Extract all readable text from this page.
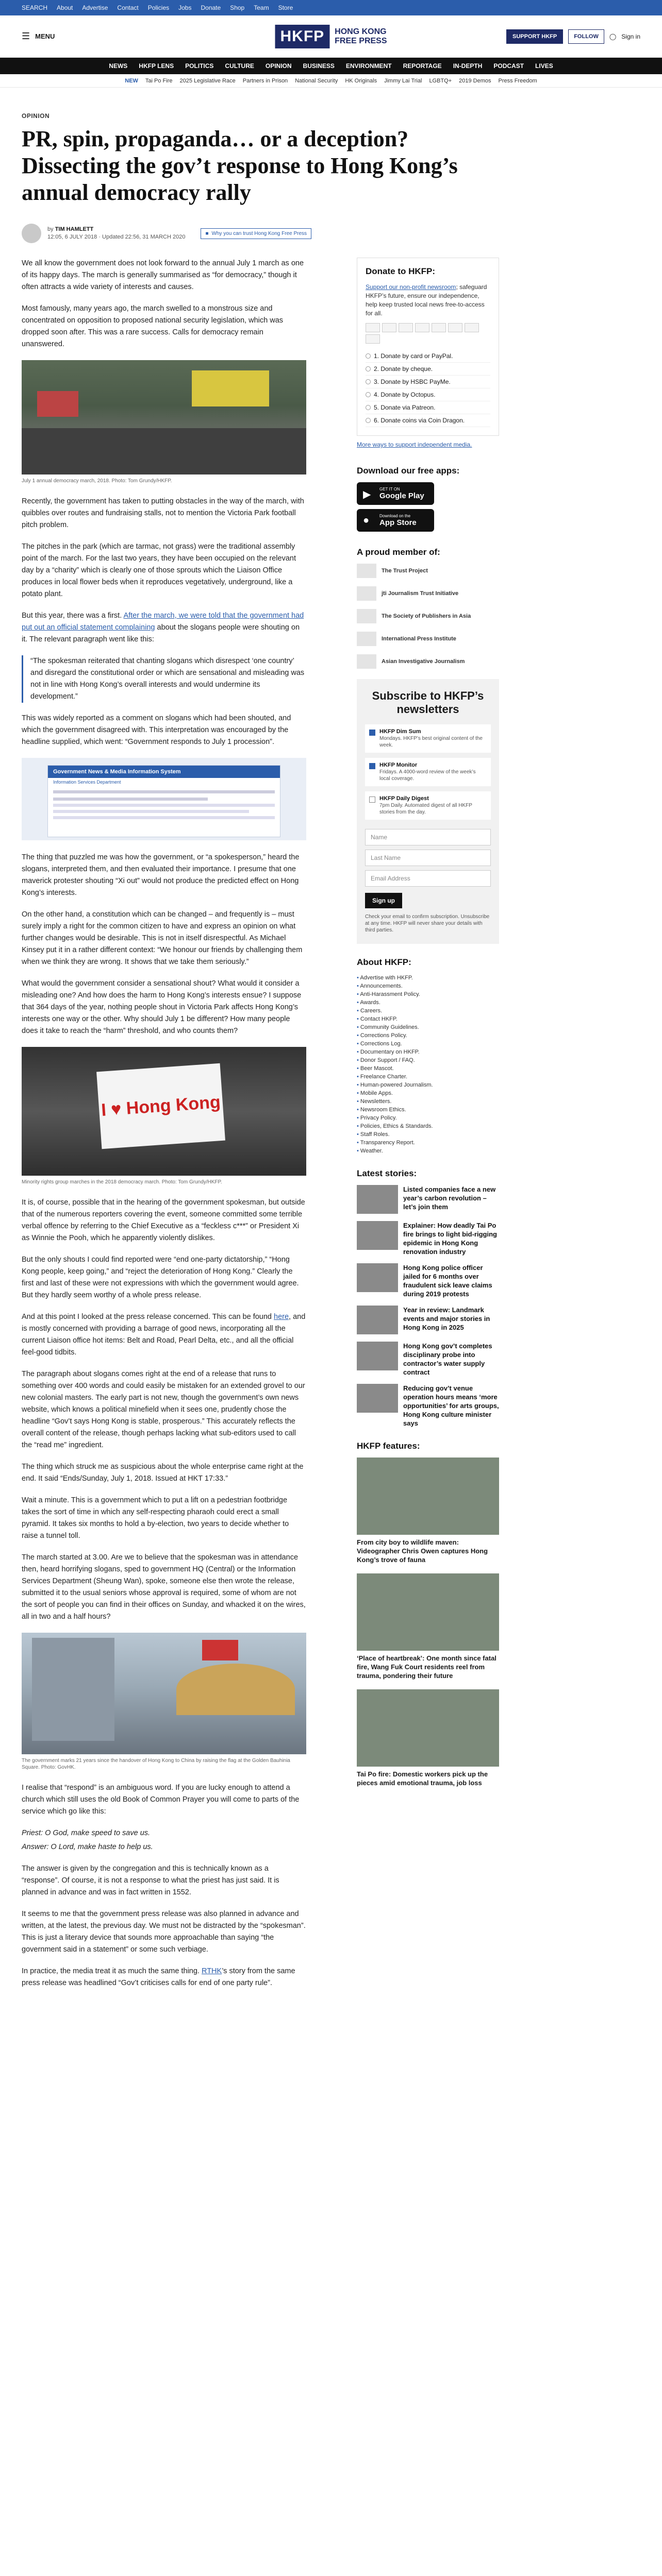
SEARCH About Advertise Contact Policies Jobs Donate Shop Team Store
☰ MENU	HKFP	HONG KONG
FREE PRESS	SUPPORT HKFP	FOLLOW	◯ Sign in
NEWS HKFP LENS POLITICS CULTURE OPINION BUSINESS ENVIRONMENT REPORTAGE IN-DEPTH PODCAST LIVES
NEW Tai Po Fire 2025 Legislative Race Partners in Prison National Security HK Originals Jimmy Lai Trial LGBTQ+ 2019 Demos Press Freedom
OPINION
PR, spin, propaganda… or a deception? Dissecting the gov’t response to Hong Kong’s annual democracy rally
by TIM HAMLETT
12:05, 6 JULY 2018 · Updated 22:56, 31 MARCH 2020
■ Why you can trust Hong Kong Free Press

We all know the government does not look forward to the annual July 1 march as one of its happy days. The march is generally summarised as “for democracy,” though it often attracts a wide variety of interests and causes.

Most famously, many years ago, the march swelled to a monstrous size and concentrated on opposition to proposed national security legislation, which was dropped soon after. This was a rare success. Calls for democracy remain unanswered.

July 1 annual democracy march, 2018. Photo: Tom Grundy/HKFP.

Recently, the government has taken to putting obstacles in the way of the march, with quibbles over routes and fundraising stalls, not to mention the Victoria Park football pitch problem.

The pitches in the park (which are tarmac, not grass) were the traditional assembly point of the march. For the last two years, they have been occupied on the relevant day by a “charity” which is clearly one of those sprouts which the Liaison Office produces in local flower beds when it reproduces vegetatively, underground, like a potato plant.

But this year, there was a first. After the march, we were told that the government had put out an official statement complaining about the slogans people were shouting on it. The relevant paragraph went like this:

“The spokesman reiterated that chanting slogans which disrespect ‘one country’ and disregard the constitutional order or which are sensational and misleading was not in line with Hong Kong’s overall interests and would undermine its development.”

This was widely reported as a comment on slogans which had been shouted, and which the government disagreed with. This interpretation was encouraged by the headline supplied, which went: “Government responds to July 1 procession”.

Government News & Media Information System
Information Services Department

The thing that puzzled me was how the government, or “a spokesperson,” heard the slogans, interpreted them, and then evaluated their importance. I presume that one maverick protester shouting “Xi out” would not produce the predicted effect on Hong Kong’s interests.

On the other hand, a constitution which can be changed – and frequently is – must surely imply a right for the common citizen to have and express an opinion on what further changes would be desirable. This is not in itself disrespectful. As Michael Kinsey put it in a rather different context: “We honour our friends by challenging them when we think they are wrong. It shows that we take them seriously.”

What would the government consider a sensational shout? What would it consider a misleading one? And how does the harm to Hong Kong’s interests ensue? I suppose that 364 days of the year, nothing people shout in Victoria Park affects Hong Kong’s interests one way or the other. Why should July 1 be different? How many people does it take to reach the “harm” threshold, and who counts them?

I ♥ Hong Kong
Minority rights group marches in the 2018 democracy march. Photo: Tom Grundy/HKFP.

It is, of course, possible that in the hearing of the government spokesman, but outside that of the numerous reporters covering the event, someone committed some terrible verbal offence by referring to the Chief Executive as a “feckless c***” or President Xi as Winnie the Pooh, which he apparently violently dislikes.

But the only shouts I could find reported were “end one-party dictatorship,” “Hong Kong people, keep going,” and “reject the deterioration of Hong Kong.” Clearly the first and last of these were not expressions with which the government would agree. But they hardly seem worthy of a whole press release.

And at this point I looked at the press release concerned. This can be found here, and is mostly concerned with providing a barrage of good news, incorporating all the current Liaison office hot items: Belt and Road, Pearl Delta, etc., and all the official feel-good tidbits.

The paragraph about slogans comes right at the end of a release that runs to something over 400 words and could easily be mistaken for an extended grovel to our new colonial masters. The early part is not new, though the government’s own news website, which knows a political minefield when it sees one, prudently chose the headline “Gov’t says Hong Kong is stable, prosperous.” This accurately reflects the overall content of the release, though perhaps lacking what sub-editors used to call the “read me” ingredient.

The thing which struck me as suspicious about the whole enterprise came right at the end. It said “Ends/Sunday, July 1, 2018. Issued at HKT 17:33.”

Wait a minute. This is a government which to put a lift on a pedestrian footbridge takes the sort of time in which any self-respecting pharaoh could erect a small pyramid. It takes six months to hold a by-election, two years to decide whether to raise a tunnel toll.

The march started at 3.00. Are we to believe that the spokesman was in attendance then, heard horrifying slogans, sped to government HQ (Central) or the Information Services Department (Sheung Wan), spoke, someone else then wrote the release, submitted it to the usual seniors whose approval is required, some of whom are not the sort of people you can find in their offices on Sunday, and whacked it on the wires, all in two and a half hours?

The government marks 21 years since the handover of Hong Kong to China by raising the flag at the Golden Bauhinia Square. Photo: GovHK.

I realise that “respond” is an ambiguous word. If you are lucky enough to attend a church which still uses the old Book of Common Prayer you will come to parts of the service which go like this:

Priest: O God, make speed to save us.
Answer: O Lord, make haste to help us.

The answer is given by the congregation and this is technically known as a “response”. Of course, it is not a response to what the priest has just said. It is planned in advance and was in fact written in 1552.

It seems to me that the government press release was also planned in advance and written, at the latest, the previous day. We must not be distracted by the “spokesman”. This is just a literary device that sounds more approachable than saying “the government said in a statement” or some such verbiage.

In practice, the media treat it as much the same thing. RTHK’s story from the same press release was headlined “Gov’t criticises calls for end of one party rule”.

Donate to HKFP:

Support our non-profit newsroom; safeguard HKFP’s future, ensure our independence, help keep trusted local news free-to-access for all.

1. Donate by card or PayPal.
2. Donate by cheque.
3. Donate by HSBC PayMe.
4. Donate by Octopus.
5. Donate via Patreon.
6. Donate coins via Coin Dragon.
More ways to support independent media.
Download our free apps:
▶ GET IT ON
Google Play
● Download on the
App Store
A proud member of:
The Trust Project
jti Journalism Trust Initiative
The Society of Publishers in Asia
International Press Institute
Asian Investigative Journalism
Subscribe to HKFP’s newsletters
HKFP Dim Sum
Mondays. HKFP’s best original content of the week.
HKFP Monitor
Fridays. A 4000-word review of the week’s local coverage.
HKFP Daily Digest
7pm Daily. Automated digest of all HKFP stories from the day.
Name
Last Name
Email Address
Sign up
Check your email to confirm subscription. Unsubscribe at any time. HKFP will never share your details with third parties.
About HKFP:
• Advertise with HKFP.
• Announcements.
• Anti-Harassment Policy.
• Awards.
• Careers.
• Contact HKFP.
• Community Guidelines.
• Corrections Policy.
• Corrections Log.
• Documentary on HKFP.
• Donor Support / FAQ.
• Beer Mascot.
• Freelance Charter.
• Human-powered Journalism.
• Mobile Apps.
• Newsletters.
• Newsroom Ethics.
• Privacy Policy.
• Policies, Ethics & Standards.
• Staff Roles.
• Transparency Report.
• Weather.
Latest stories:
Listed companies face a new year’s carbon revolution – let’s join them
Explainer: How deadly Tai Po fire brings to light bid-rigging epidemic in Hong Kong renovation industry
Hong Kong police officer jailed for 6 months over fraudulent sick leave claims during 2019 protests
Year in review: Landmark events and major stories in Hong Kong in 2025
Hong Kong gov’t completes disciplinary probe into contractor’s water supply contract
Reducing gov’t venue operation hours means ‘more opportunities’ for arts groups, Hong Kong culture minister says
HKFP features:
From city boy to wildlife maven: Videographer Chris Owen captures Hong Kong’s trove of fauna
‘Place of heartbreak’: One month since fatal fire, Wang Fuk Court residents reel from trauma, pondering their future
Tai Po fire: Domestic workers pick up the pieces amid emotional trauma, job loss
